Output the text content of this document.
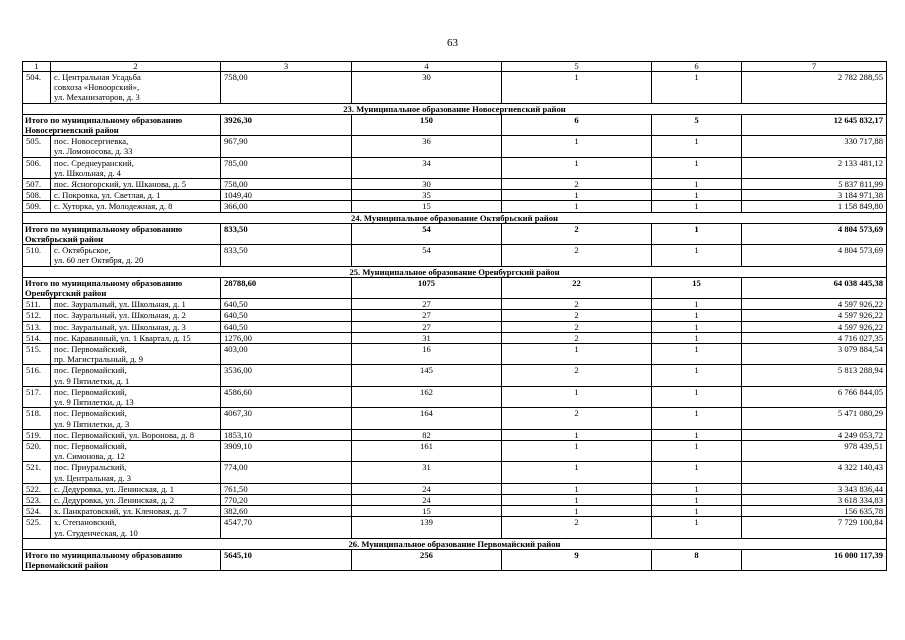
63
1	2	3	4	5	6	7
504.	с. Центральная Усадьба
совхоза «Новоорский»,
ул. Механизаторов, д. 3	758,00	30	1	1	2 782 288,55
23. Муниципальное образование Новосергиевский район						

Итого по муниципальному образованию
Новосергиевский район		3926,30	150	6	5	12 645 832,17
505.	пос. Новосергиевка,
ул. Ломоносова, д. 33	967,90	36	1	1	330 717,88
506.	пос. Среднеуранский,
ул. Школьная, д. 4	785,00	34	1	1	2 133 481,12
507.	пос. Ясногорский, ул. Шканова, д. 5	758,00	30	2	1	5 837 811,99
508.	с. Покровка, ул. Светлая, д. 1	1049,40	35	1	1	3 184 971,38
509.	с. Хуторка, ул. Молодежная, д. 8	366,00	15	1	1	1 158 849,80
24. Муниципальное образование Октябрьский район						

Итого по муниципальному образованию
Октябрьский район		833,50	54	2	1	4 804 573,69
510.	с. Октябрьское,
ул. 60 лет Октября, д. 20	833,50	54	2	1	4 804 573,69
25. Муниципальное образование Оренбургский район						

Итого по муниципальному образованию
Оренбургский район		28788,60	1075	22	15	64 038 445,38
511.	пос. Зауральный, ул. Школьная, д. 1	640,50	27	2	1	4 597 926,22
512.	пос. Зауральный, ул. Школьная, д. 2	640,50	27	2	1	4 597 926,22
513.	пос. Зауральный, ул. Школьная, д. 3	640,50	27	2	1	4 597 926,22
514.	пос. Караванный, ул. 1 Квартал, д. 15	1276,00	31	2	1	4 716 027,35
515.	пос. Первомайский,
пр. Магистральный, д. 9	403,00	16	1	1	3 079 884,54
516.	пос. Первомайский,
ул. 9 Пятилетки, д. 1	3536,00	145	2	1	5 813 288,94
517.	пос. Первомайский,
ул. 9 Пятилетки, д. 13	4586,60	162	1	1	6 766 844,05
518.	пос. Первомайский,
ул. 9 Пятилетки, д. 3	4067,30	164	2	1	5 471 080,29
519.	пос. Первомайский, ул. Воронова, д. 8	1853,10	82	1	1	4 249 053,72
520.	пос. Первомайский,
ул. Симонова, д. 12	3909,10	161	1	1	978 439,51
521.	пос. Приуральский,
ул. Центральная, д. 3	774,00	31	1	1	4 322 140,43
522.	с. Дедуровка, ул. Ленинская, д. 1	761,50	24	1	1	3 343 836,44
523.	с. Дедуровка, ул. Ленинская, д. 2	770,20	24	1	1	3 618 334,83
524.	х. Панкратовский, ул. Кленовая, д. 7	382,60	15	1	1	156 635,78
525.	х. Степановский,
ул. Студенческая, д. 10	4547,70	139	2	1	7 729 100,84
26. Муниципальное образование Первомайский район						

Итого по муниципальному образованию
Первомайский район		5645,10	256	9	8	16 000 117,39
